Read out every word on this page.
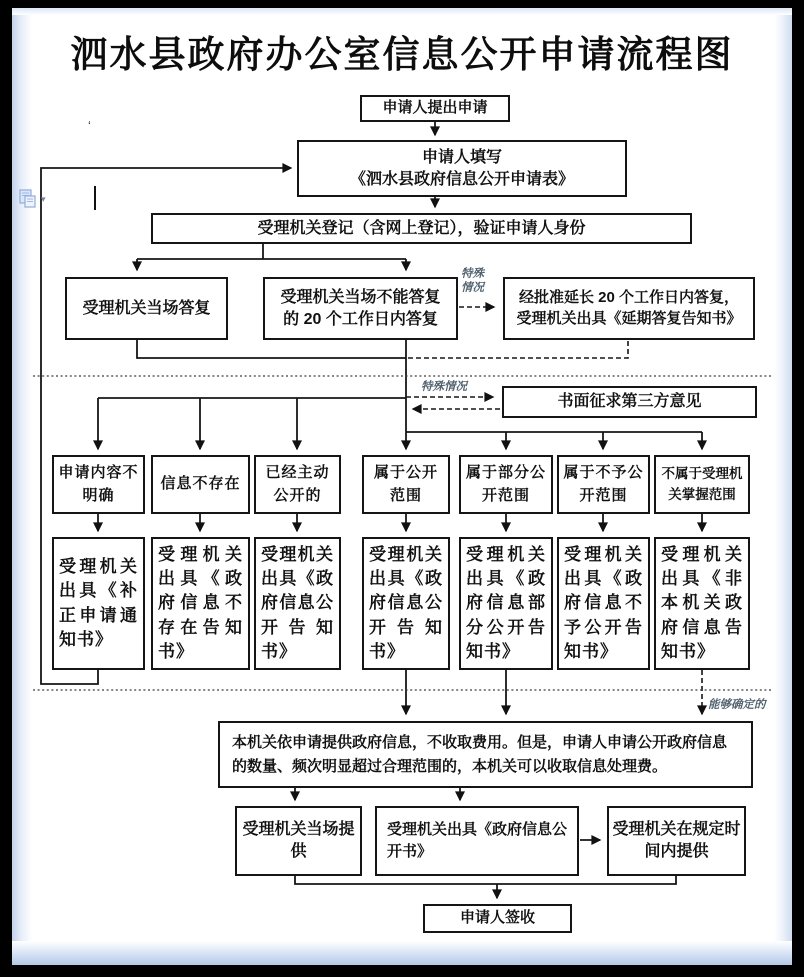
泗水县政府办公室信息公开申请流程图
▾
‘
申请人提出申请
申请人填写
《泗水县政府信息公开申请表》
受理机关登记（含网上登记），验证申请人身份
受理机关当场答复
受理机关当场不能答复
的 20 个工作日内答复
经批准延长 20 个工作日内答复，
受理机关出具《延期答复告知书》
特殊
情况
特殊情况
书面征求第三方意见
申请内容不明确
信息不存在
已经主动公开的
属于公开范围
属于部分公开范围
属于不予公开范围
不属于受理机关掌握范围
受理机关出具《补正申请通知书》
受理机关出具《政府信息不存在告知书》
受理机关出具《政府信息公开告知书》
受理机关出具《政府信息公开告知书》
受理机关出具《政府信息部分公开告知书》
受理机关出具《政府信息不予公开告知书》
受理机关出具《非本机关政府信息告知书》
能够确定的
本机关依申请提供政府信息，不收取费用。但是，申请人申请公开政府信息的数量、频次明显超过合理范围的，本机关可以收取信息处理费。
受理机关当场提供
受理机关出具《政府信息公开书》
受理机关在规定时间内提供
申请人签收
